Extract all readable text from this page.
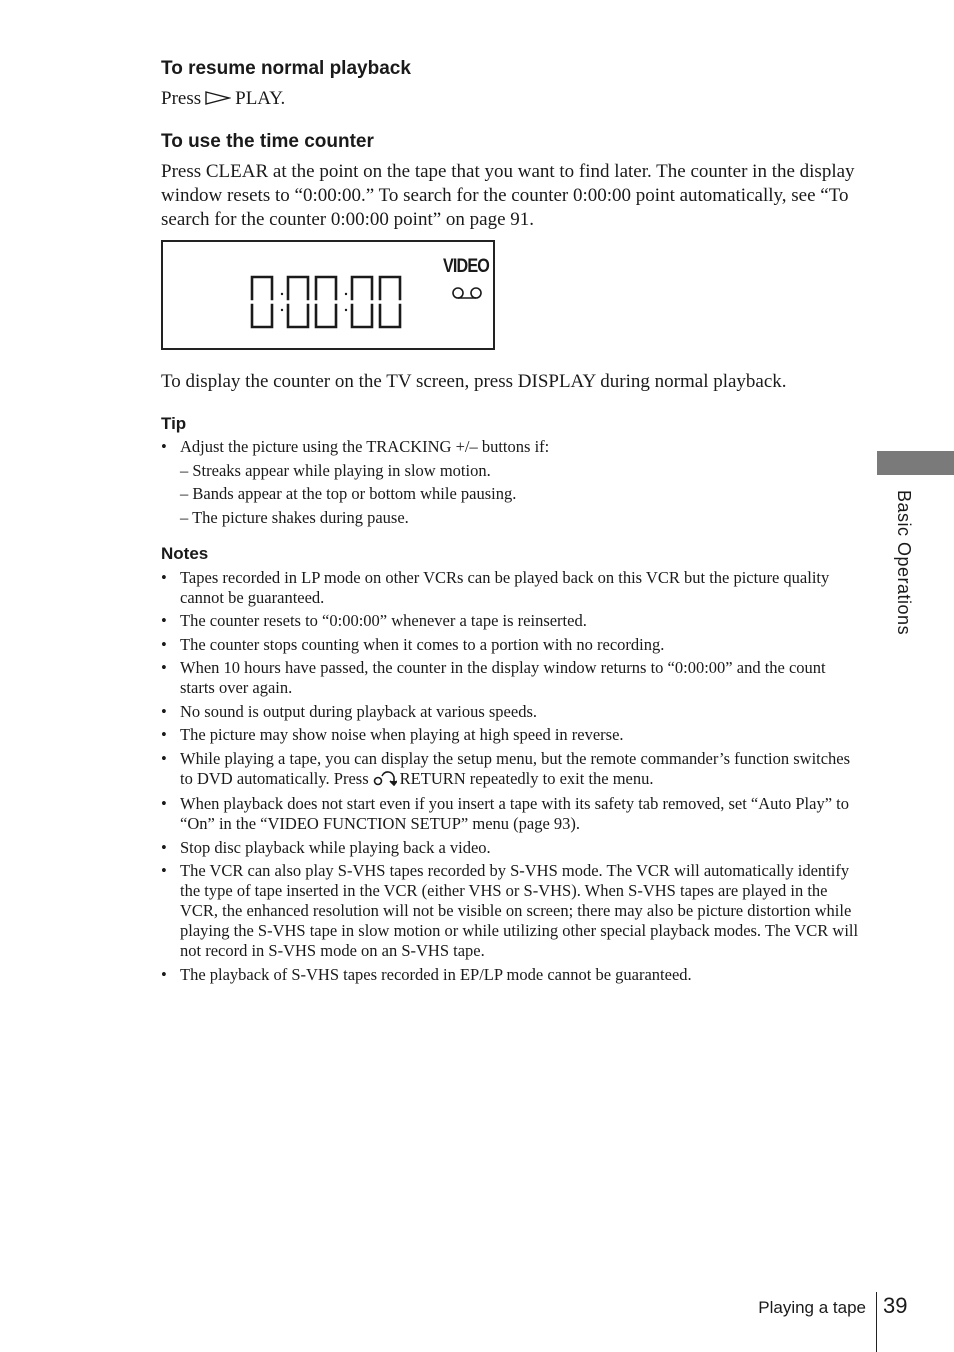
To resume normal playback

Press PLAY.

To use the time counter

Press CLEAR at the point on the tape that you want to find later. The counter in the display window resets to “0:00:00.” To search for the counter 0:00:00 point automatically, see “To search for the counter 0:00:00 point” on page 91.

VIDEO

To display the counter on the TV screen, press DISPLAY during normal playback.

Tip

• Adjust the picture using the TRACKING +/– buttons if:
– Streaks appear while playing in slow motion.
– Bands appear at the top or bottom while pausing.
– The picture shakes during pause.

Notes

• Tapes recorded in LP mode on other VCRs can be played back on this VCR but the picture quality cannot be guaranteed.
• The counter resets to “0:00:00” whenever a tape is reinserted.
• The counter stops counting when it comes to a portion with no recording.
• When 10 hours have passed, the counter in the display window returns to “0:00:00” and the count starts over again.
• No sound is output during playback at various speeds.
• The picture may show noise when playing at high speed in reverse.
• While playing a tape, you can display the setup menu, but the remote commander’s function switches to DVD automatically. Press RETURN repeatedly to exit the menu.
• When playback does not start even if you insert a tape with its safety tab removed, set “Auto Play” to “On” in the “VIDEO FUNCTION SETUP” menu (page 93).
• Stop disc playback while playing back a video.
• The VCR can also play S-VHS tapes recorded by S-VHS mode. The VCR will automatically identify the type of tape inserted in the VCR (either VHS or S-VHS). When S-VHS tapes are played in the VCR, the enhanced resolution will not be visible on screen; there may also be picture distortion while playing the S-VHS tape in slow motion or while utilizing other special playback modes. The VCR will not record in S-VHS mode on an S-VHS tape.
• The playback of S-VHS tapes recorded in EP/LP mode cannot be guaranteed.
Basic Operations
Playing a tape 39
